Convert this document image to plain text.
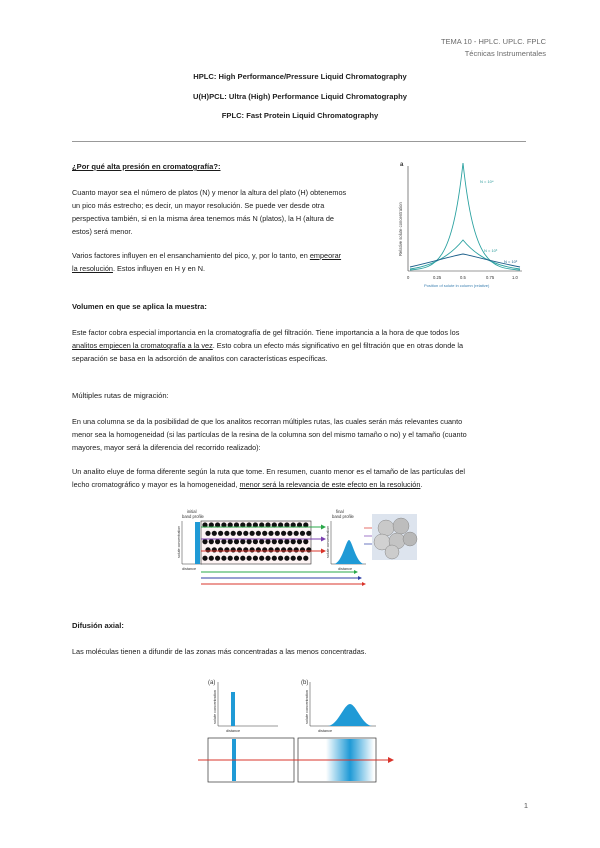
TEMA 10 - HPLC. UPLC. FPLC
Técnicas Instrumentales
HPLC: High Performance/Pressure Liquid Chromatography
U(H)PCL: Ultra (High) Performance Liquid Chromatography
FPLC: Fast Protein Liquid Chromatography
¿Por qué alta presión en cromatografía?:
Cuanto mayor sea el número de platos (N) y menor la altura del plato (H) obtenemos
un pico más estrecho; es decir, un mayor resolución. Se puede ver desde otra
perspectiva también, si en la misma área tenemos más N (platos), la H (altura de
estos) será menor.
Varios factores influyen en el ensanchamiento del pico, y, por lo tanto, en empeorar
la resolución. Estos influyen en H y en N.
a
Relative solute concentration
N = 10⁴
N = 10³
N = 10²
0	0.25	0.5	0.75	1.0
Position of solute in column (relative)
Volumen en que se aplica la muestra:
Este factor cobra especial importancia en la cromatografía de gel filtración. Tiene importancia a la hora de que todos los
analitos empiecen la cromatografía a la vez. Esto cobra un efecto más significativo en gel filtración que en otras donde la
separación se basa en la adsorción de analitos con características específicas.
Múltiples rutas de migración:
En una columna se da la posibilidad de que los analitos recorran múltiples rutas, las cuales serán más relevantes cuanto
menor sea la homogeneidad (si las partículas de la resina de la columna son del mismo tamaño o no) y el tamaño (cuanto
mayores, mayor será la diferencia del recorrido realizado):
Un analito eluye de forma diferente según la ruta que tome. En resumen, cuanto menor es el tamaño de las partículas del
lecho cromatográfico y mayor es la homogeneidad, menor será la relevancia de este efecto en la resolución.
initial
band profile
solute concentration
distance
final
band profile
solute concentration
distance
Difusión axial:
Las moléculas tienen a difundir de las zonas más concentradas a las menos concentradas.
(a)
solute concentration
distance
(b)
solute concentration
distance
1
